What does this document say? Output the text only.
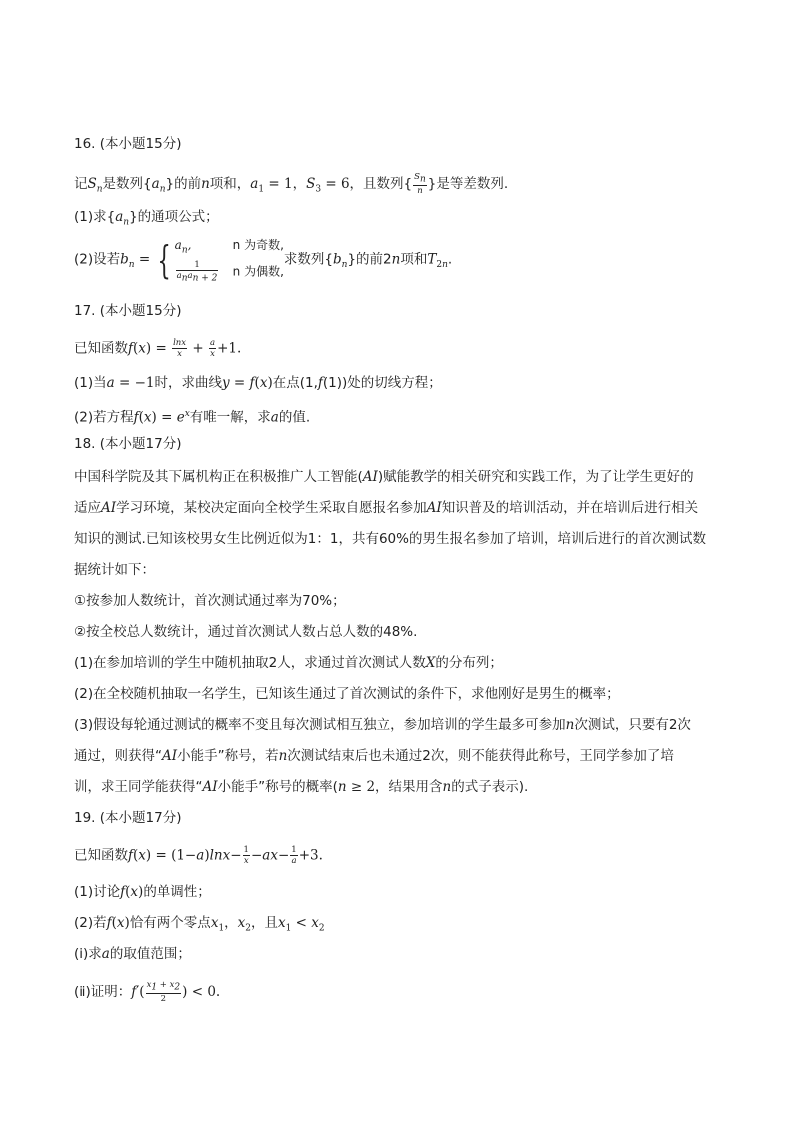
16. (本小题15分)
记$S_n$是数列$\{a_n\}$的前n项和，$a_1 = 1$，$S_3 = 6$，且数列{ $\frac{S_n}{n}$ }是等差数列.
(1)求$\{a_n\}$的通项公式；
(2)设若$b_n$ = { $a_n$,	n 为奇数,
$\frac{1}{a_na_{n + 2}}$ n 为偶数,
求数列$\{b_n\}$的前2n项和$T_{2n}$.
17. (本小题15分)
已知函数$f(x) = \frac{\ln x}{x} + \frac{a}{x} +1$.
(1)当a = −1时，求曲线y = f(x)在点(1,f(1))处的切线方程；
(2)若方程$f(x) = e^x$有唯一解，求a的值.
18. (本小题17分)
中国科学院及其下属机构正在积极推广人工智能(AI)赋能教学的相关研究和实践工作，为了让学生更好的
适应AI学习环境，某校决定面向全校学生采取自愿报名参加AI知识普及的培训活动，并在培训后进行相关
知识的测试.已知该校男女生比例近似为1：1，共有60%的男生报名参加了培训，培训后进行的首次测试数
据统计如下：
①按参加人数统计，首次测试通过率为70%；
②按全校总人数统计，通过首次测试人数占总人数的48%.
(1)在参加培训的学生中随机抽取2人，求通过首次测试人数X的分布列；
(2)在全校随机抽取一名学生，已知该生通过了首次测试的条件下，求他刚好是男生的概率；
(3)假设每轮通过测试的概率不变且每次测试相互独立，参加培训的学生最多可参加n次测试，只要有2次
通过，则获得“AI小能手”称号，若n次测试结束后也未通过2次，则不能获得此称号，王同学参加了培
训，求王同学能获得“AI小能手”称号的概率(n ≥ 2，结果用含n的式子表示).
19. (本小题17分)
已知函数$f(x) = (1-a)\ln x- \frac{1}{x} -ax- \frac{1}{a} +3$.
(1)讨论f(x)的单调性；
(2)若f(x)恰有两个零点$x_1$，$x_2$，且$x_1 < x_2$
(ⅰ)求a的取值范围；
(ⅱ)证明：$f'( \frac{x_1 + x_2}{2}$ ) < 0.
